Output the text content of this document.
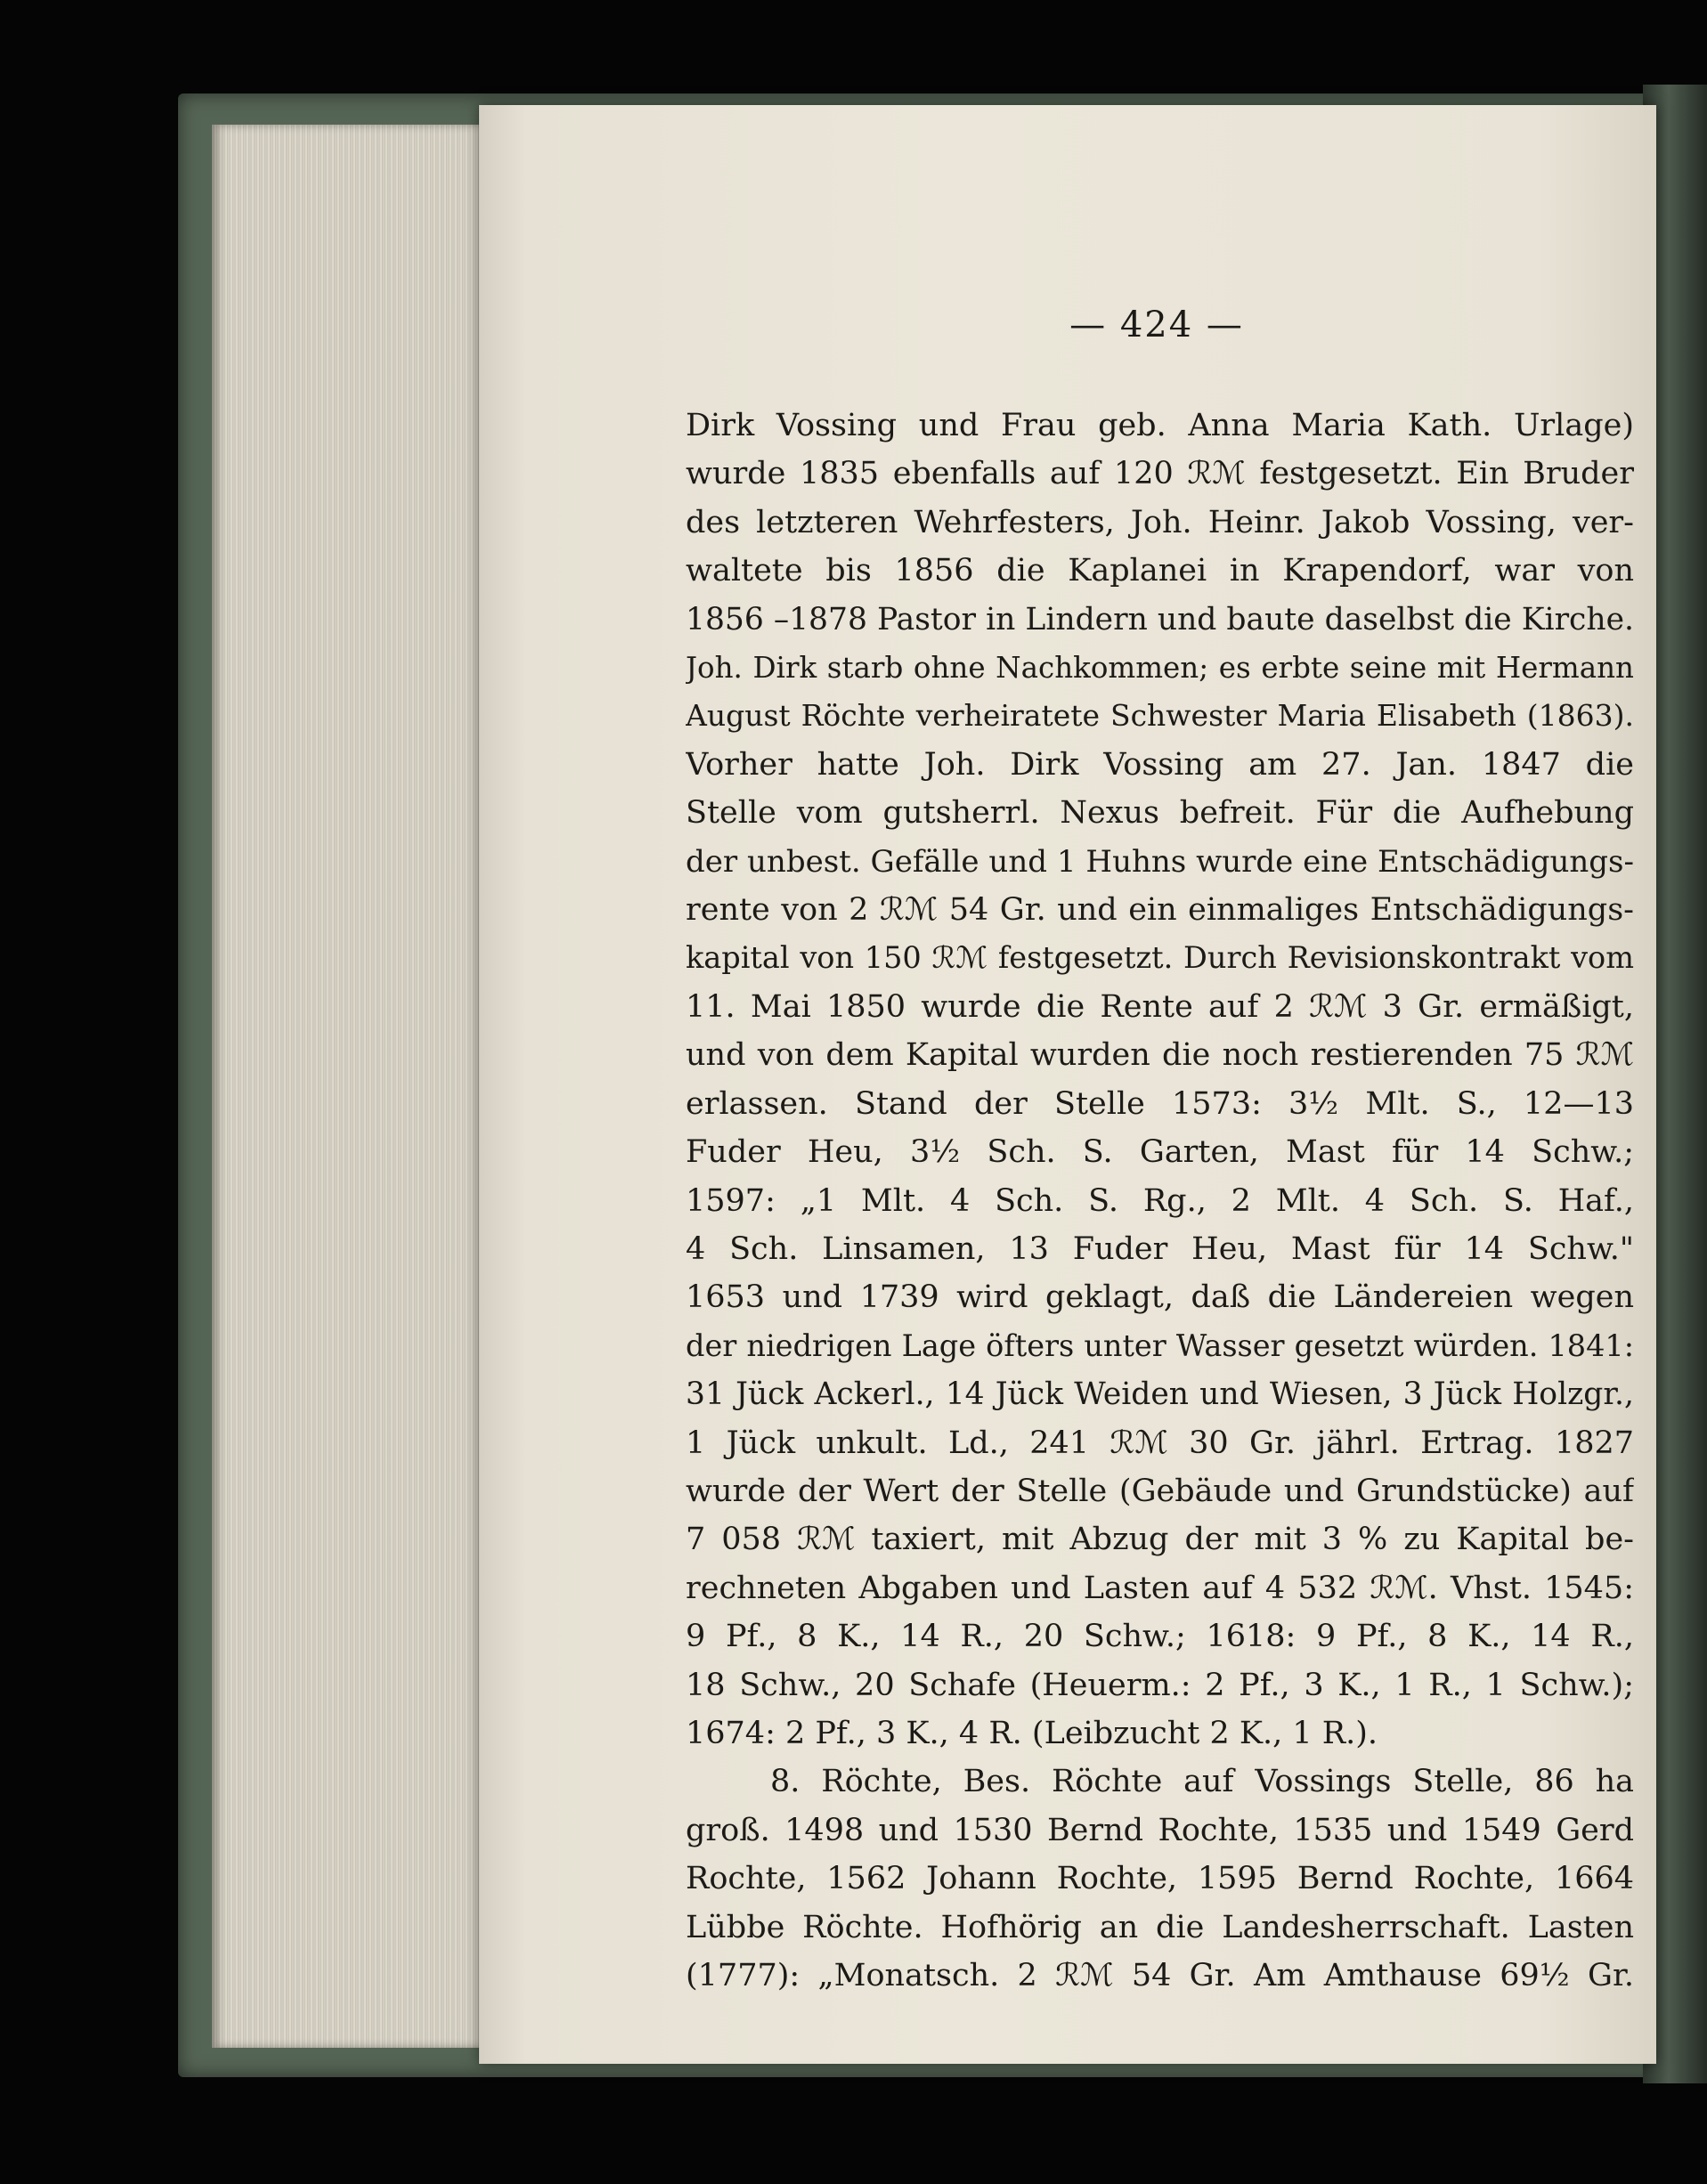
— 424 —
Dirk Vossing und Frau geb. Anna Maria Kath. Urlage)
wurde 1835 ebenfalls auf 120 ℛℳ festgesetzt. Ein Bruder
des letzteren Wehrfesters, Joh. Heinr. Jakob Vossing, ver-
waltete bis 1856 die Kaplanei in Krapendorf, war von
1856 –1878 Pastor in Lindern und baute daselbst die Kirche.
Joh. Dirk starb ohne Nachkommen; es erbte seine mit Hermann
August Röchte verheiratete Schwester Maria Elisabeth (1863).
Vorher hatte Joh. Dirk Vossing am 27. Jan. 1847 die
Stelle vom gutsherrl. Nexus befreit. Für die Aufhebung
der unbest. Gefälle und 1 Huhns wurde eine Entschädigungs-
rente von 2 ℛℳ 54 Gr. und ein einmaliges Entschädigungs-
kapital von 150 ℛℳ festgesetzt. Durch Revisionskontrakt vom
11. Mai 1850 wurde die Rente auf 2 ℛℳ 3 Gr. ermäßigt,
und von dem Kapital wurden die noch restierenden 75 ℛℳ
erlassen. Stand der Stelle 1573: 3½ Mlt. S., 12—13
Fuder Heu, 3½ Sch. S. Garten, Mast für 14 Schw.;
1597: „1 Mlt. 4 Sch. S. Rg., 2 Mlt. 4 Sch. S. Haf.,
4 Sch. Linsamen, 13 Fuder Heu, Mast für 14 Schw."
1653 und 1739 wird geklagt, daß die Ländereien wegen
der niedrigen Lage öfters unter Wasser gesetzt würden. 1841:
31 Jück Ackerl., 14 Jück Weiden und Wiesen, 3 Jück Holzgr.,
1 Jück unkult. Ld., 241 ℛℳ 30 Gr. jährl. Ertrag. 1827
wurde der Wert der Stelle (Gebäude und Grundstücke) auf
7 058 ℛℳ taxiert, mit Abzug der mit 3 % zu Kapital be-
rechneten Abgaben und Lasten auf 4 532 ℛℳ. Vhst. 1545:
9 Pf., 8 K., 14 R., 20 Schw.; 1618: 9 Pf., 8 K., 14 R.,
18 Schw., 20 Schafe (Heuerm.: 2 Pf., 3 K., 1 R., 1 Schw.);
1674: 2 Pf., 3 K., 4 R. (Leibzucht 2 K., 1 R.).
8. Röchte, Bes. Röchte auf Vossings Stelle, 86 ha
groß. 1498 und 1530 Bernd Rochte, 1535 und 1549 Gerd
Rochte, 1562 Johann Rochte, 1595 Bernd Rochte, 1664
Lübbe Röchte. Hofhörig an die Landesherrschaft. Lasten
(1777): „Monatsch. 2 ℛℳ 54 Gr. Am Amthause 69½ Gr.
